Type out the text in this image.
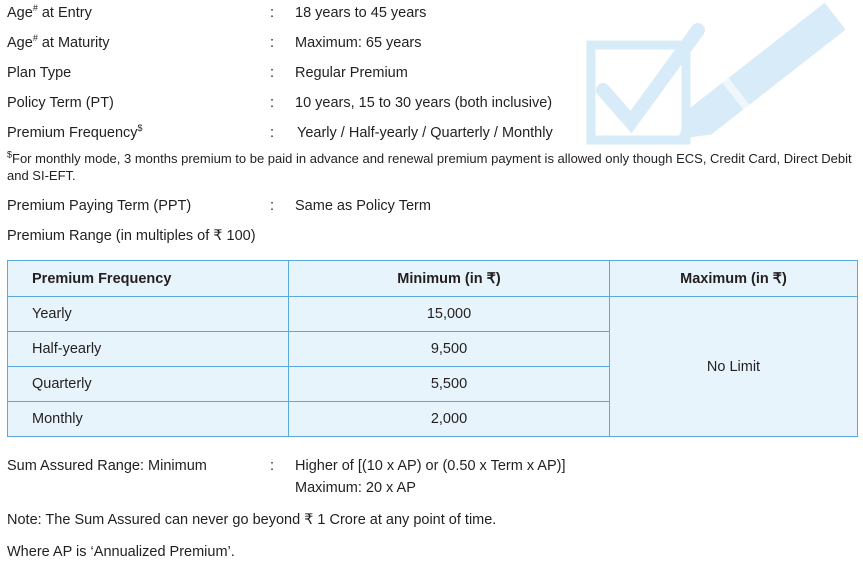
Age# at Entry	: 18 years to 45 years
Age# at Maturity	: Maximum: 65 years
Plan Type	: Regular Premium
Policy Term (PT)	: 10 years, 15 to 30 years (both inclusive)
Premium Frequency$	: Yearly / Half-yearly / Quarterly / Monthly
$For monthly mode, 3 months premium to be paid in advance and renewal premium payment is allowed only though ECS, Credit Card, Direct Debit and SI-EFT.
Premium Paying Term (PPT)	: Same as Policy Term
Premium Range (in multiples of ₹ 100)
Premium Frequency	Minimum (in ₹)	Maximum (in ₹)
Yearly	15,000	No Limit
Half-yearly	9,500	
Quarterly	5,500	
Monthly	2,000	
Sum Assured Range: Minimum	: Higher of [(10 x AP) or (0.50 x Term x AP)]
Maximum: 20 x AP
Note: The Sum Assured can never go beyond ₹ 1 Crore at any point of time.
Where AP is ‘Annualized Premium’.
